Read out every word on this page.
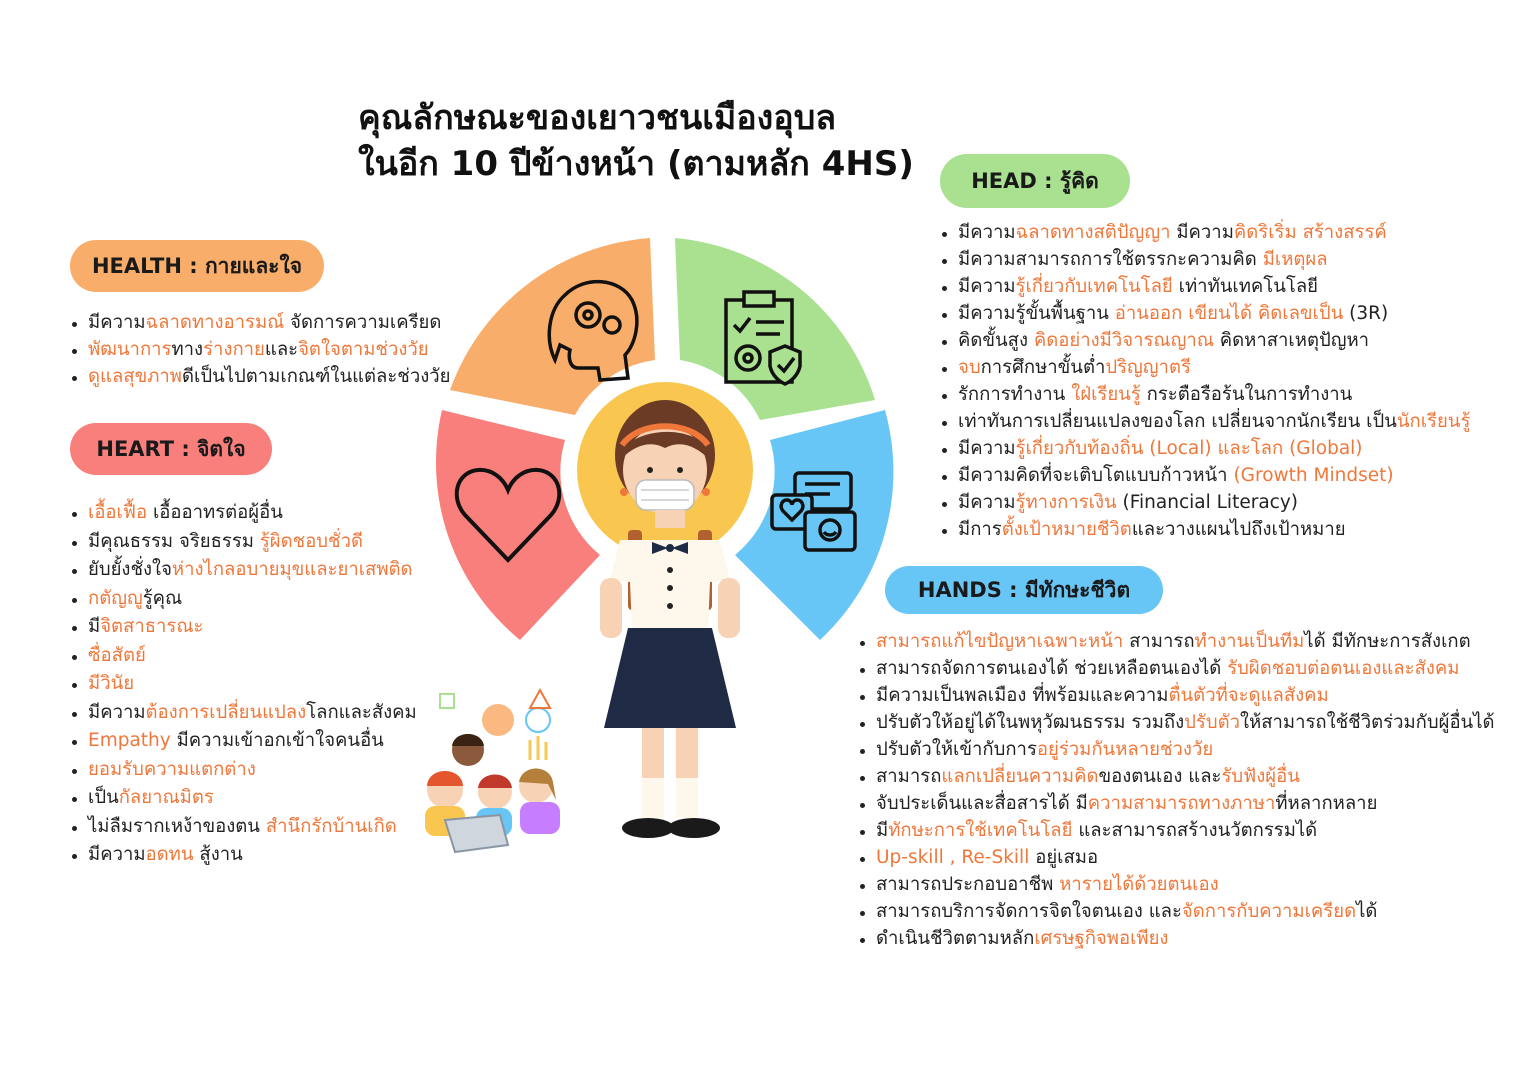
คุณลักษณะของเยาวชนเมืองอุบล
ในอีก 10 ปีข้างหน้า (ตามหลัก 4HS)
HEALTH : กายและใจ
HEART : จิตใจ
HEAD : รู้คิด
HANDS : มีทักษะชีวิต
มีความฉลาดทางอารมณ์ จัดการความเครียด
พัฒนาการทางร่างกายและจิตใจตามช่วงวัย
ดูแลสุขภาพดีเป็นไปตามเกณฑ์ในแต่ละช่วงวัย
เอื้อเฟื้อ เอื้ออาทรต่อผู้อื่น
มีคุณธรรม จริยธรรม รู้ผิดชอบชั่วดี
ยับยั้งชั่งใจห่างไกลอบายมุขและยาเสพติด
กตัญญูรู้คุณ
มีจิตสาธารณะ
ซื่อสัตย์
มีวินัย
มีความต้องการเปลี่ยนแปลงโลกและสังคม
Empathy มีความเข้าอกเข้าใจคนอื่น
ยอมรับความแตกต่าง
เป็นกัลยาณมิตร
ไม่ลืมรากเหง้าของตน สำนึกรักบ้านเกิด
มีความอดทน สู้งาน
มีความฉลาดทางสติปัญญา มีความคิดริเริ่ม สร้างสรรค์
มีความสามารถการใช้ตรรกะความคิด มีเหตุผล
มีความรู้เกี่ยวกับเทคโนโลยี เท่าทันเทคโนโลยี
มีความรู้ขั้นพื้นฐาน อ่านออก เขียนได้ คิดเลขเป็น (3R)
คิดขั้นสูง คิดอย่างมีวิจารณญาณ คิดหาสาเหตุปัญหา
จบการศึกษาขั้นต่ำปริญญาตรี
รักการทำงาน ใฝ่เรียนรู้ กระตือรือร้นในการทำงาน
เท่าทันการเปลี่ยนแปลงของโลก เปลี่ยนจากนักเรียน เป็นนักเรียนรู้
มีความรู้เกี่ยวกับท้องถิ่น (Local) และโลก (Global)
มีความคิดที่จะเติบโตแบบก้าวหน้า (Growth Mindset)
มีความรู้ทางการเงิน (Financial Literacy)
มีการตั้งเป้าหมายชีวิตและวางแผนไปถึงเป้าหมาย
สามารถแก้ไขปัญหาเฉพาะหน้า สามารถทำงานเป็นทีมได้ มีทักษะการสังเกต
สามารถจัดการตนเองได้ ช่วยเหลือตนเองได้ รับผิดชอบต่อตนเองและสังคม
มีความเป็นพลเมือง ที่พร้อมและความตื่นตัวที่จะดูแลสังคม
ปรับตัวให้อยู่ได้ในพหุวัฒนธรรม รวมถึงปรับตัวให้สามารถใช้ชีวิตร่วมกับผู้อื่นได้
ปรับตัวให้เข้ากับการอยู่ร่วมกันหลายช่วงวัย
สามารถแลกเปลี่ยนความคิดของตนเอง และรับฟังผู้อื่น
จับประเด็นและสื่อสารได้ มีความสามารถทางภาษาที่หลากหลาย
มีทักษะการใช้เทคโนโลยี และสามารถสร้างนวัตกรรมได้
Up-skill , Re-Skill อยู่เสมอ
สามารถประกอบอาชีพ หารายได้ด้วยตนเอง
สามารถบริการจัดการจิตใจตนเอง และจัดการกับความเครียดได้
ดำเนินชีวิตตามหลักเศรษฐกิจพอเพียง
